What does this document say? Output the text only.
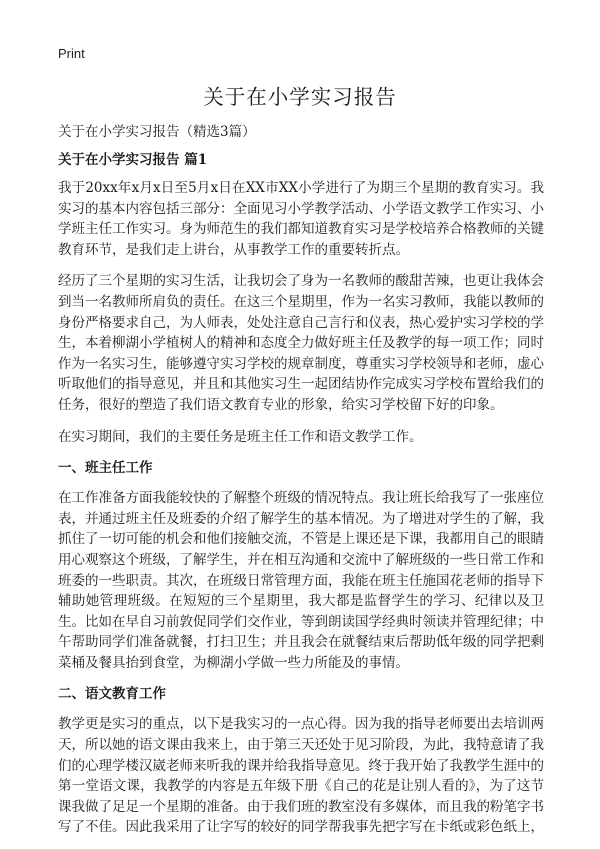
Print
关于在小学实习报告
关于在小学实习报告（精选3篇）
关于在小学实习报告 篇1

我于20xx年x月x日至5月x日在XX市XX小学进行了为期三个星期的教育实习。我实习的基本内容包括三部分：全面见习小学教学活动、小学语文教学工作实习、小学班主任工作实习。身为师范生的我们都知道教育实习是学校培养合格教师的关键教育环节，是我们走上讲台，从事教学工作的重要转折点。

经历了三个星期的实习生活，让我切会了身为一名教师的酸甜苦辣，也更让我体会到当一名教师所肩负的责任。在这三个星期里，作为一名实习教师，我能以教师的身份严格要求自己，为人师表，处处注意自己言行和仪表，热心爱护实习学校的学生，本着柳湖小学植树人的精神和态度全力做好班主任及教学的每一项工作；同时作为一名实习生，能够遵守实习学校的规章制度，尊重实习学校领导和老师，虚心听取他们的指导意见，并且和其他实习生一起团结协作完成实习学校布置给我们的任务，很好的塑造了我们语文教育专业的形象，给实习学校留下好的印象。

在实习期间，我们的主要任务是班主任工作和语文教学工作。

一、班主任工作

在工作准备方面我能较快的了解整个班级的情况特点。我让班长给我写了一张座位表，并通过班主任及班委的介绍了解学生的基本情况。为了增进对学生的了解，我抓住了一切可能的机会和他们接触交流，不管是上课还是下课，我都用自己的眼睛用心观察这个班级，了解学生，并在相互沟通和交流中了解班级的一些日常工作和班委的一些职责。其次，在班级日常管理方面，我能在班主任施国花老师的指导下辅助她管理班级。在短短的三个星期里，我大都是监督学生的学习、纪律以及卫生。比如在早自习前敦促同学们交作业，等到朗读国学经典时领读并管理纪律；中午帮助同学们准备就餐，打扫卫生；并且我会在就餐结束后帮助低年级的同学把剩菜桶及餐具抬到食堂，为柳湖小学做一些力所能及的事情。

二、语文教育工作

教学更是实习的重点，以下是我实习的一点心得。因为我的指导老师要出去培训两天，所以她的语文课由我来上，由于第三天还处于见习阶段，为此，我特意请了我们的心理学楼汉崴老师来听我的课并给我指导意见。终于我开始了我教学生涯中的第一堂语文课，我教学的内容是五年级下册《自己的花是让别人看的》，为了这节课我做了足足一个星期的准备。由于我们班的教室没有多媒体，而且我的粉笔字书写了不佳。因此我采用了让字写的较好的同学帮我事先把字写在卡纸或彩色纸上，
